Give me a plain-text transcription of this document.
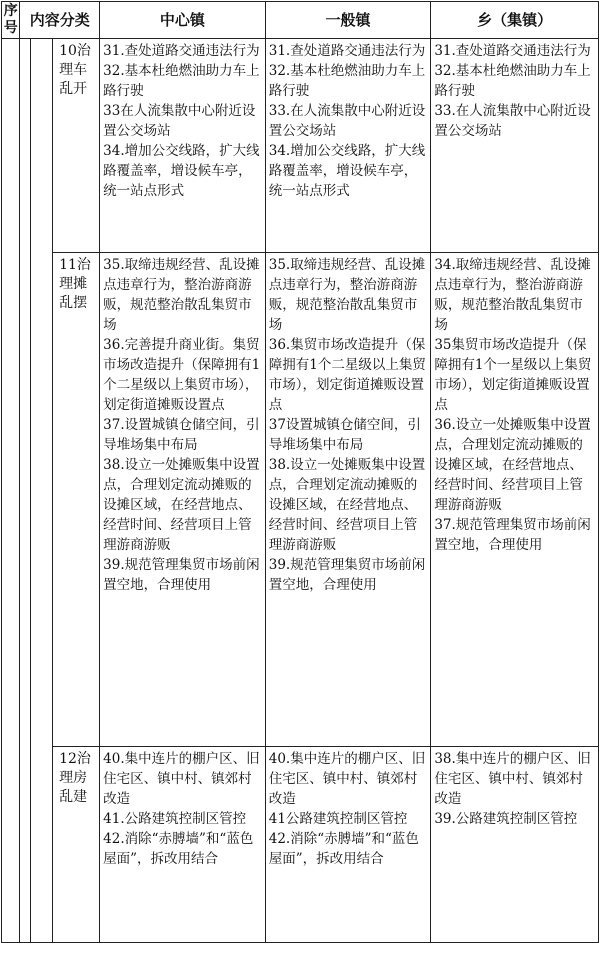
序号	内容分类			中心镇	一般镇	乡（集镇）
			10治理车乱开	31.查处道路交通违法行为
32.基本杜绝燃油助力车上路行驶
33在人流集散中心附近设置公交场站
34.增加公交线路，扩大线路覆盖率，增设候车亭，统一站点形式	31.查处道路交通违法行为
32.基本杜绝燃油助力车上路行驶
33.在人流集散中心附近设置公交场站
34.增加公交线路，扩大线路覆盖率，增设候车亭，统一站点形式	31.查处道路交通违法行为
32.基本杜绝燃油助力车上路行驶
33.在人流集散中心附近设置公交场站

			11治理摊乱摆	35.取缔违规经营、乱设摊点违章行为，整治游商游贩，规范整治散乱集贸市场
36.完善提升商业街。集贸市场改造提升（保障拥有1个二星级以上集贸市场），划定街道摊贩设置点
37.设置城镇仓储空间，引导堆场集中布局
38.设立一处摊贩集中设置点，合理划定流动摊贩的设摊区域，在经营地点、经营时间、经营项目上管理游商游贩
39.规范管理集贸市场前闲置空地，合理使用	35.取缔违规经营、乱设摊点违章行为，整治游商游贩，规范整治散乱集贸市场
36.集贸市场改造提升（保障拥有1个二星级以上集贸市场），划定街道摊贩设置点
37设置城镇仓储空间，引导堆场集中布局
38.设立一处摊贩集中设置点，合理划定流动摊贩的设摊区域，在经营地点、经营时间、经营项目上管理游商游贩
39.规范管理集贸市场前闲置空地，合理使用	34.取缔违规经营、乱设摊点违章行为，整治游商游贩，规范整治散乱集贸市场
35集贸市场改造提升（保障拥有1个一星级以上集贸市场），划定街道摊贩设置点
36.设立一处摊贩集中设置点，合理划定流动摊贩的设摊区域，在经营地点、经营时间、经营项目上管理游商游贩
37.规范管理集贸市场前闲置空地，合理使用

			12治理房乱建	40.集中连片的棚户区、旧住宅区、镇中村、镇郊村改造
41.公路建筑控制区管控
42.消除“赤膊墙”和“蓝色屋面”，拆改用结合	40.集中连片的棚户区、旧住宅区、镇中村、镇郊村改造
41公路建筑控制区管控
42.消除“赤膊墙”和“蓝色屋面”，拆改用结合	38.集中连片的棚户区、旧住宅区、镇中村、镇郊村改造
39.公路建筑控制区管控
